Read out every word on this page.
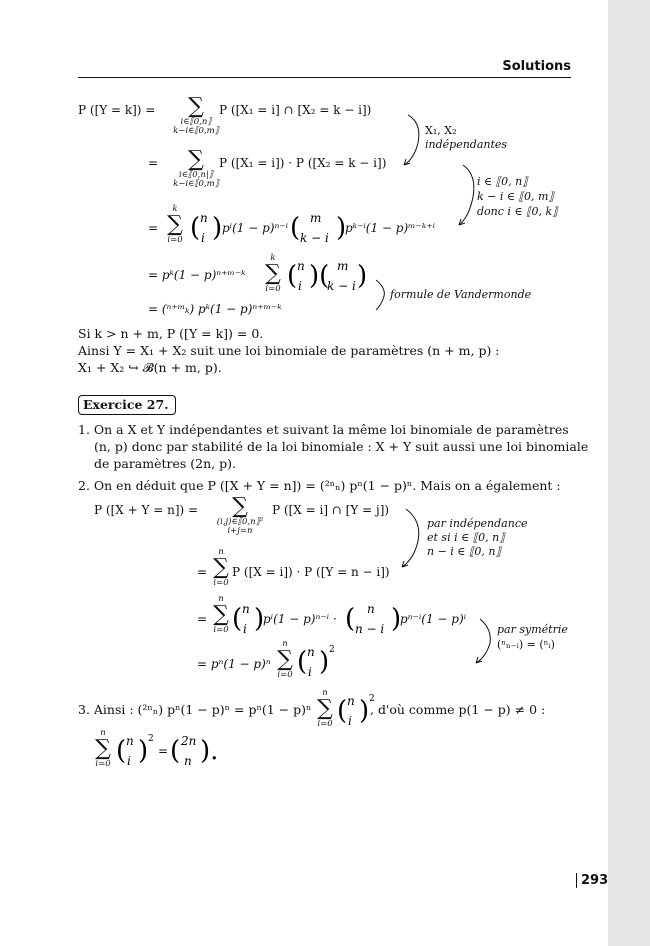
Solutions
P ([Y = k]) =	∑
i∈⟦0,n⟧
k−i∈⟦0,m⟧
P ([X₁ = i] ∩ [X₂ = k − i])
=	∑
i∈⟦0,n|⟧
k−i∈⟦0,m⟧
P ([X₁ = i]) · P ([X₂ = k − i])
=
k
∑
i=0 ( n
i ) pⁱ(1 − p)ⁿ⁻ⁱ ( m
k − i )
pᵏ⁻ⁱ(1 − p)ᵐ⁻ᵏ⁺ⁱ
= pᵏ(1 − p)ⁿ⁺ᵐ⁻ᵏ
k
∑
i=0 ( n
i )( m
k − i )
= (ⁿ⁺ᵐₖ) pᵏ(1 − p)ⁿ⁺ᵐ⁻ᵏ
X₁, X₂
indépendantes
i ∈ ⟦0, n⟧
k − i ∈ ⟦0, m⟧
donc i ∈ ⟦0, k⟧
formule de Vandermonde
Si k > n + m, P ([Y = k]) = 0.
Ainsi Y = X₁ + X₂ suit une loi binomiale de paramètres (n + m, p) :
X₁ + X₂ ↪ 𝓑(n + m, p).
Exercice 27.
1. On a X et Y indépendantes et suivant la même loi binomiale de paramètres
(n, p) donc par stabilité de la loi binomiale : X + Y suit aussi une loi binomiale
de paramètres (2n, p).
2. On en déduit que P ([X + Y = n]) = (²ⁿₙ) pⁿ(1 − p)ⁿ. Mais on a également :
P ([X + Y = n]) =	∑
(i,j)∈⟦0,n⟧²
i+j=n
P ([X = i] ∩ [Y = j])
=
n
∑
i=0
P ([X = i]) · P ([Y = n − i])
=
n
∑
i=0 ( n
i )
pⁱ(1 − p)ⁿ⁻ⁱ · ( n
n − i )
pⁿ⁻ⁱ(1 − p)ⁱ
= pⁿ(1 − p)ⁿ
n
∑
i=0 ( n
i ) 2
par indépendance
et si i ∈ ⟦0, n⟧
n − i ∈ ⟦0, n⟧
par symétrie
(ⁿₙ₋ᵢ) = (ⁿᵢ)
3. Ainsi : (²ⁿₙ) pⁿ(1 − p)ⁿ = pⁿ(1 − p)ⁿ
n
∑
i=0 ( n
i ) 2
, d'où comme p(1 − p) ≠ 0 :
n
∑
i=0 ( n
i ) 2
= ( 2n
n ).
293
